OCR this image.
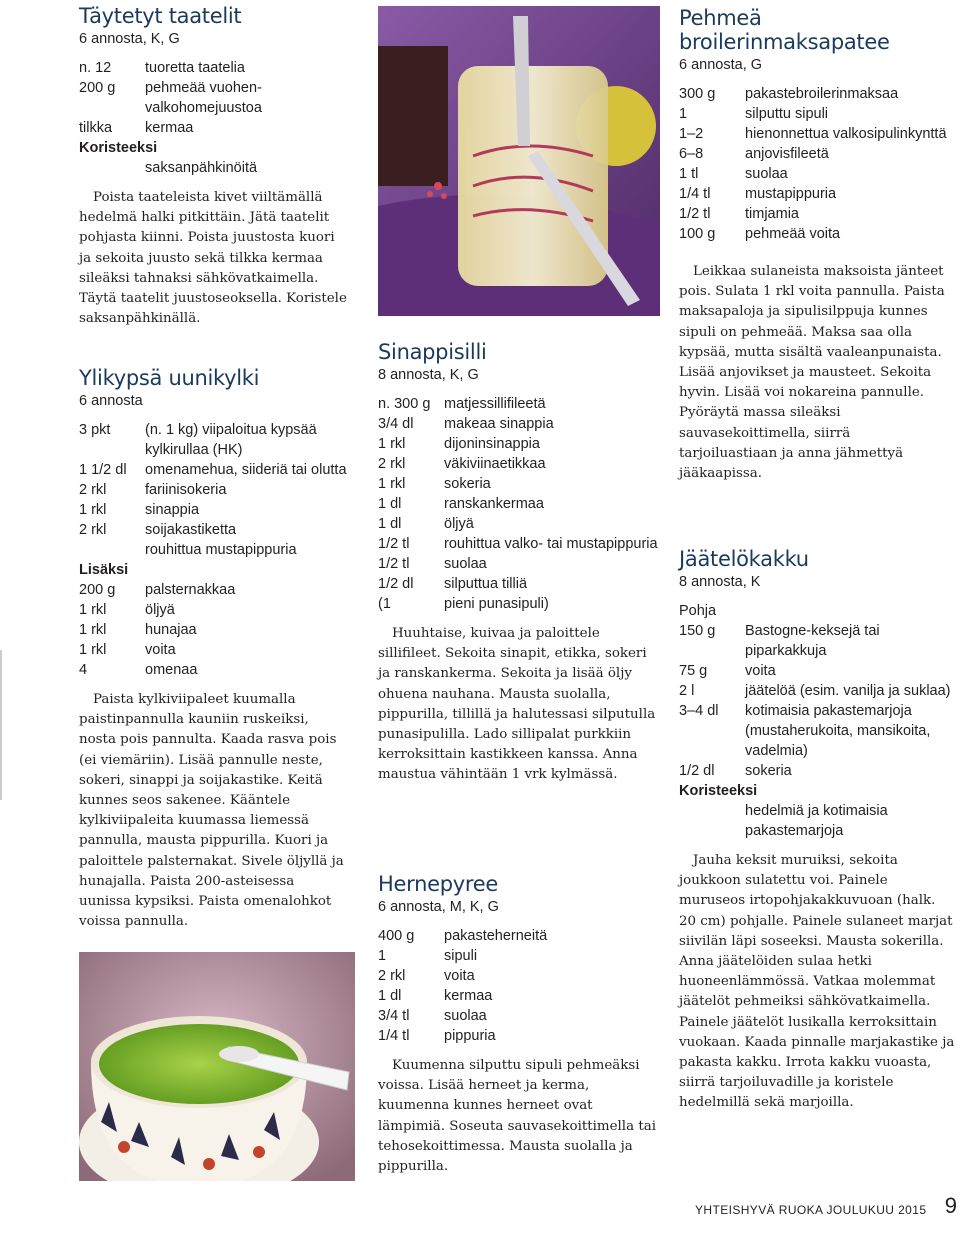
Täytetyt taatelit
6 annosta, K, G
n. 12	tuoretta taatelia
200 g	pehmeää vuohen-valkohomejuustoa
tilkka	kermaa
Koristeeksi
saksanpähkinöitä

Poista taateleista kivet viiltämällä hedelmä halki pitkittäin. Jätä taatelit pohjasta kiinni. Poista juustosta kuori ja sekoita juusto sekä tilkka kermaa sileäksi tahnaksi sähkövatkaimella. Täytä taatelit juustoseoksella. Koristele saksanpähkinällä.

Ylikypsä uunikylki
6 annosta
3 pkt	(n. 1 kg) viipaloitua kypsää kylkirullaa (HK)
1 1/2 dl	omenamehua, siideriä tai olutta
2 rkl	fariinisokeria
1 rkl	sinappia
2 rkl	soijakastiketta
rouhittua mustapippuria
Lisäksi
200 g	palsternakkaa
1 rkl	öljyä
1 rkl	hunajaa
1 rkl	voita
4	omenaa

Paista kylkiviipaleet kuumalla paistinpannulla kauniin ruskeiksi, nosta pois pannulta. Kaada rasva pois (ei viemäriin). Lisää pannulle neste, sokeri, sinappi ja soijakastike. Keitä kunnes seos sakenee. Kääntele kylkiviipaleita kuumassa liemessä pannulla, mausta pippurilla. Kuori ja paloittele palsternakat. Sivele öljyllä ja hunajalla. Paista 200-asteisessa uunissa kypsiksi. Paista omenalohkot voissa pannulla.

Sinappisilli
8 annosta, K, G
n. 300 g matjessillifileetä
3/4 dl	makeaa sinappia
1 rkl	dijoninsinappia
2 rkl	väkiviinaetikkaa
1 rkl	sokeria
1 dl	ranskankermaa
1 dl	öljyä
1/2 tl	rouhittua valko- tai mustapippuria
1/2 tl	suolaa
1/2 dl	silputtua tilliä
(1	pieni punasipuli)

Huuhtaise, kuivaa ja paloittele sillifileet. Sekoita sinapit, etikka, sokeri ja ranskankerma. Sekoita ja lisää öljy ohuena nauhana. Mausta suolalla, pippurilla, tillillä ja halutessasi silputulla punasipulilla. Lado sillipalat purkkiin kerroksittain kastikkeen kanssa. Anna maustua vähintään 1 vrk kylmässä.

Hernepyree
6 annosta, M, K, G
400 g	pakasteherneitä
1	sipuli
2 rkl	voita
1 dl	kermaa
3/4 tl	suolaa
1/4 tl	pippuria

Kuumenna silputtu sipuli pehmeäksi voissa. Lisää herneet ja kerma, kuumenna kunnes herneet ovat lämpimiä. Soseuta sauvasekoittimella tai tehosekoittimessa. Mausta suolalla ja pippurilla.

Pehmeä broilerinmaksapatee
6 annosta, G
300 g	pakastebroilerinmaksaa
1	silputtu sipuli
1–2	hienonnettua valkosipulinkynttä
6–8	anjovisfileetä
1 tl	suolaa
1/4 tl	mustapippuria
1/2 tl	timjamia
100 g	pehmeää voita

Leikkaa sulaneista maksoista jänteet pois. Sulata 1 rkl voita pannulla. Paista maksapaloja ja sipulisilppuja kunnes sipuli on pehmeää. Maksa saa olla kypsää, mutta sisältä vaaleanpunaista. Lisää anjovikset ja mausteet. Sekoita hyvin. Lisää voi nokareina pannulle. Pyöräytä massa sileäksi sauvasekoittimella, siirrä tarjoiluastiaan ja anna jähmettyä jääkaapissa.

Jäätelökakku
8 annosta, K
Pohja
150 g	Bastogne-keksejä tai piparkakkuja
75 g	voita
2 l	jäätelöä (esim. vanilja ja suklaa)
3–4 dl	kotimaisia pakastemarjoja (mustaherukoita, mansikoita, vadelmia)
1/2 dl	sokeria
Koristeeksi
hedelmiä ja kotimaisia pakastemarjoja

Jauha keksit muruiksi, sekoita joukkoon sulatettu voi. Painele muruseos irtopohjakakkuvuoan (halk. 20 cm) pohjalle. Painele sulaneet marjat siivilän läpi soseeksi. Mausta sokerilla. Anna jäätelöiden sulaa hetki huoneenlämmössä. Vatkaa molemmat jäätelöt pehmeiksi sähkövatkaimella. Painele jäätelöt lusikalla kerroksittain vuokaan. Kaada pinnalle marjakastike ja pakasta kakku. Irrota kakku vuoasta, siirrä tarjoiluvadille ja koristele hedelmillä sekä marjoilla.

YHTEISHYVÄ RUOKA JOULUKUU 2015 9
